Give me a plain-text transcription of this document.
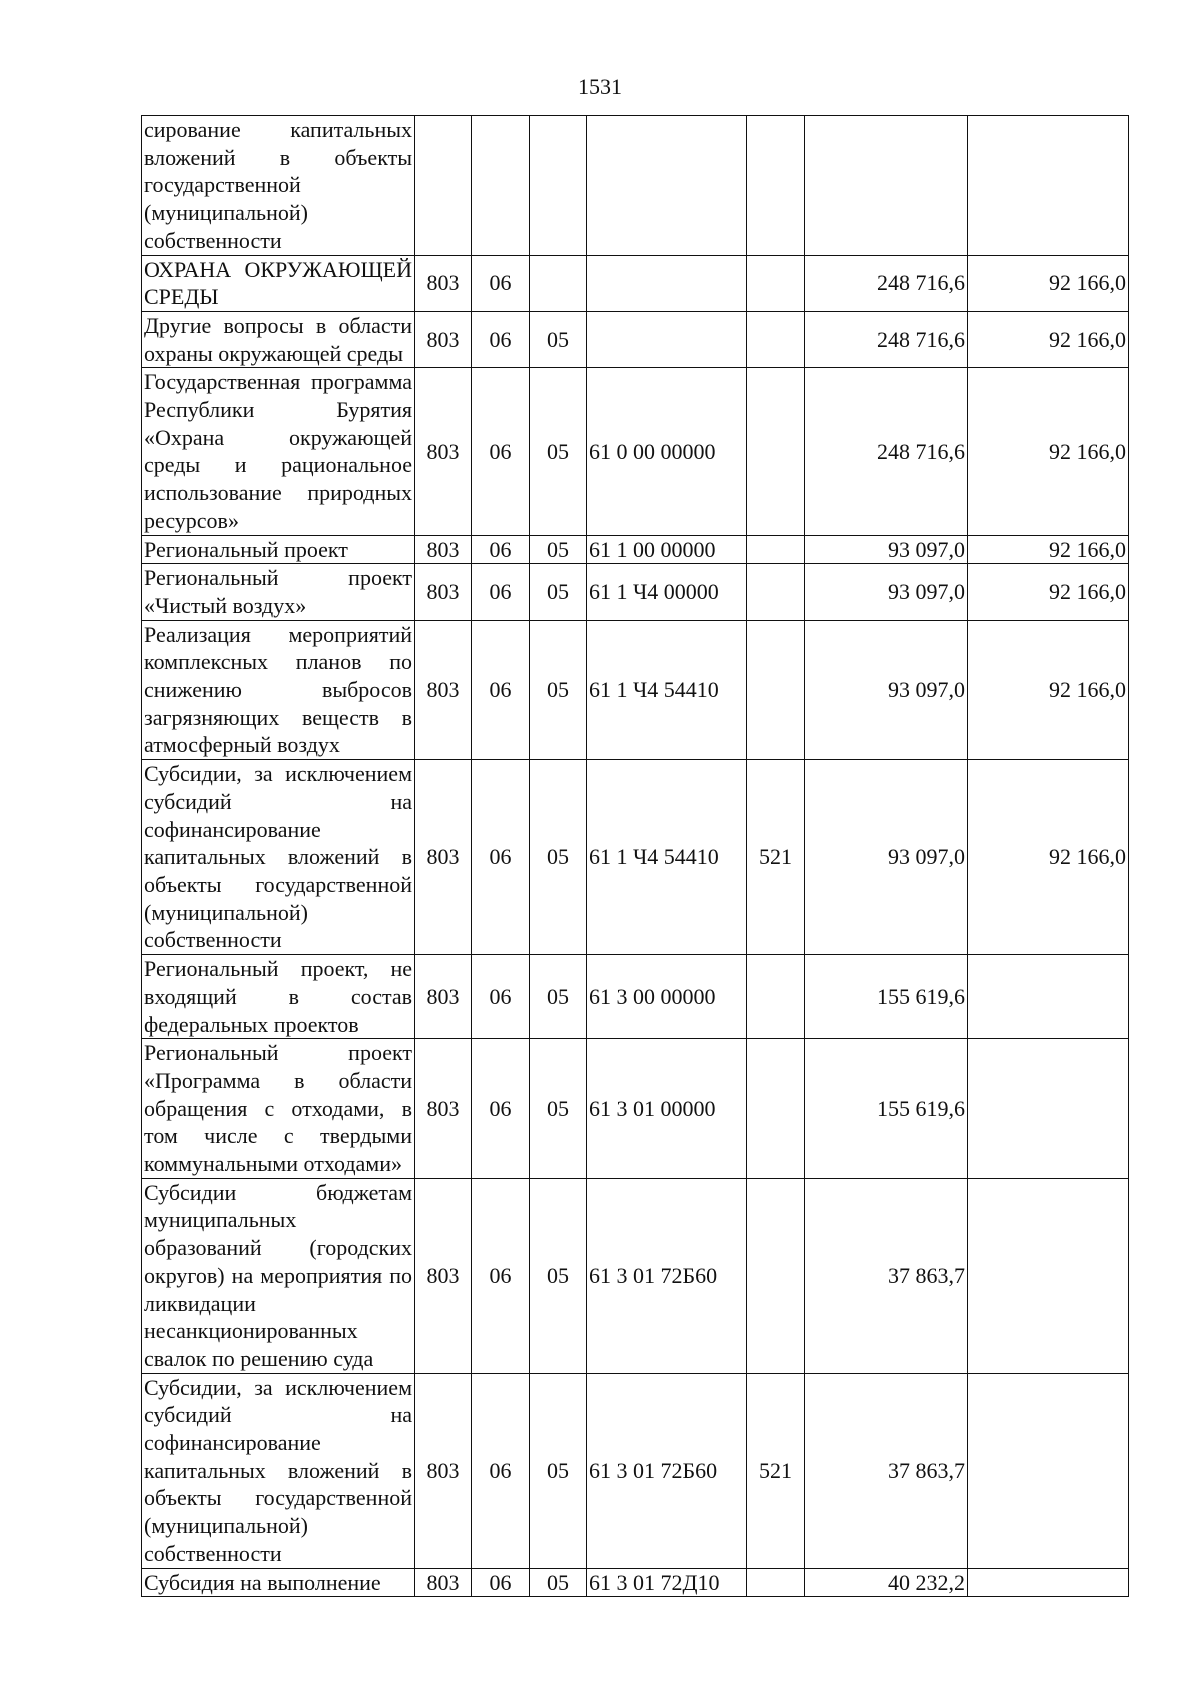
1531
сирование капитальных вложений в объекты государственной (муниципальной) собственности							
ОХРАНА ОКРУЖАЮЩЕЙ СРЕДЫ	803	06				248 716,6	92 166,0
Другие вопросы в области охраны окружающей среды	803	06	05			248 716,6	92 166,0
Государственная программа Республики Бурятия «Охрана окружающей среды и рациональное использование природных ресурсов»	803	06	05	61 0 00 00000		248 716,6	92 166,0
Региональный проект	803	06	05	61 1 00 00000		93 097,0	92 166,0
Региональный проект «Чистый воздух»	803	06	05	61 1 Ч4 00000		93 097,0	92 166,0
Реализация мероприятий комплексных планов по снижению выбросов загрязняющих веществ в атмосферный воздух	803	06	05	61 1 Ч4 54410		93 097,0	92 166,0
Субсидии, за исключением субсидий на софинансирование капитальных вложений в объекты государственной (муниципальной) собственности	803	06	05	61 1 Ч4 54410	521	93 097,0	92 166,0
Региональный проект, не входящий в состав федеральных проектов	803	06	05	61 3 00 00000		155 619,6	
Региональный проект «Программа в области обращения с отходами, в том числе с твердыми коммунальными отходами»	803	06	05	61 3 01 00000		155 619,6	
Субсидии бюджетам муниципальных образований (городских округов) на мероприятия по ликвидации несанкционированных свалок по решению суда	803	06	05	61 3 01 72Б60		37 863,7	
Субсидии, за исключением субсидий на софинансирование капитальных вложений в объекты государственной (муниципальной) собственности	803	06	05	61 3 01 72Б60	521	37 863,7	
Субсидия на выполнение	803	06	05	61 3 01 72Д10		40 232,2	
